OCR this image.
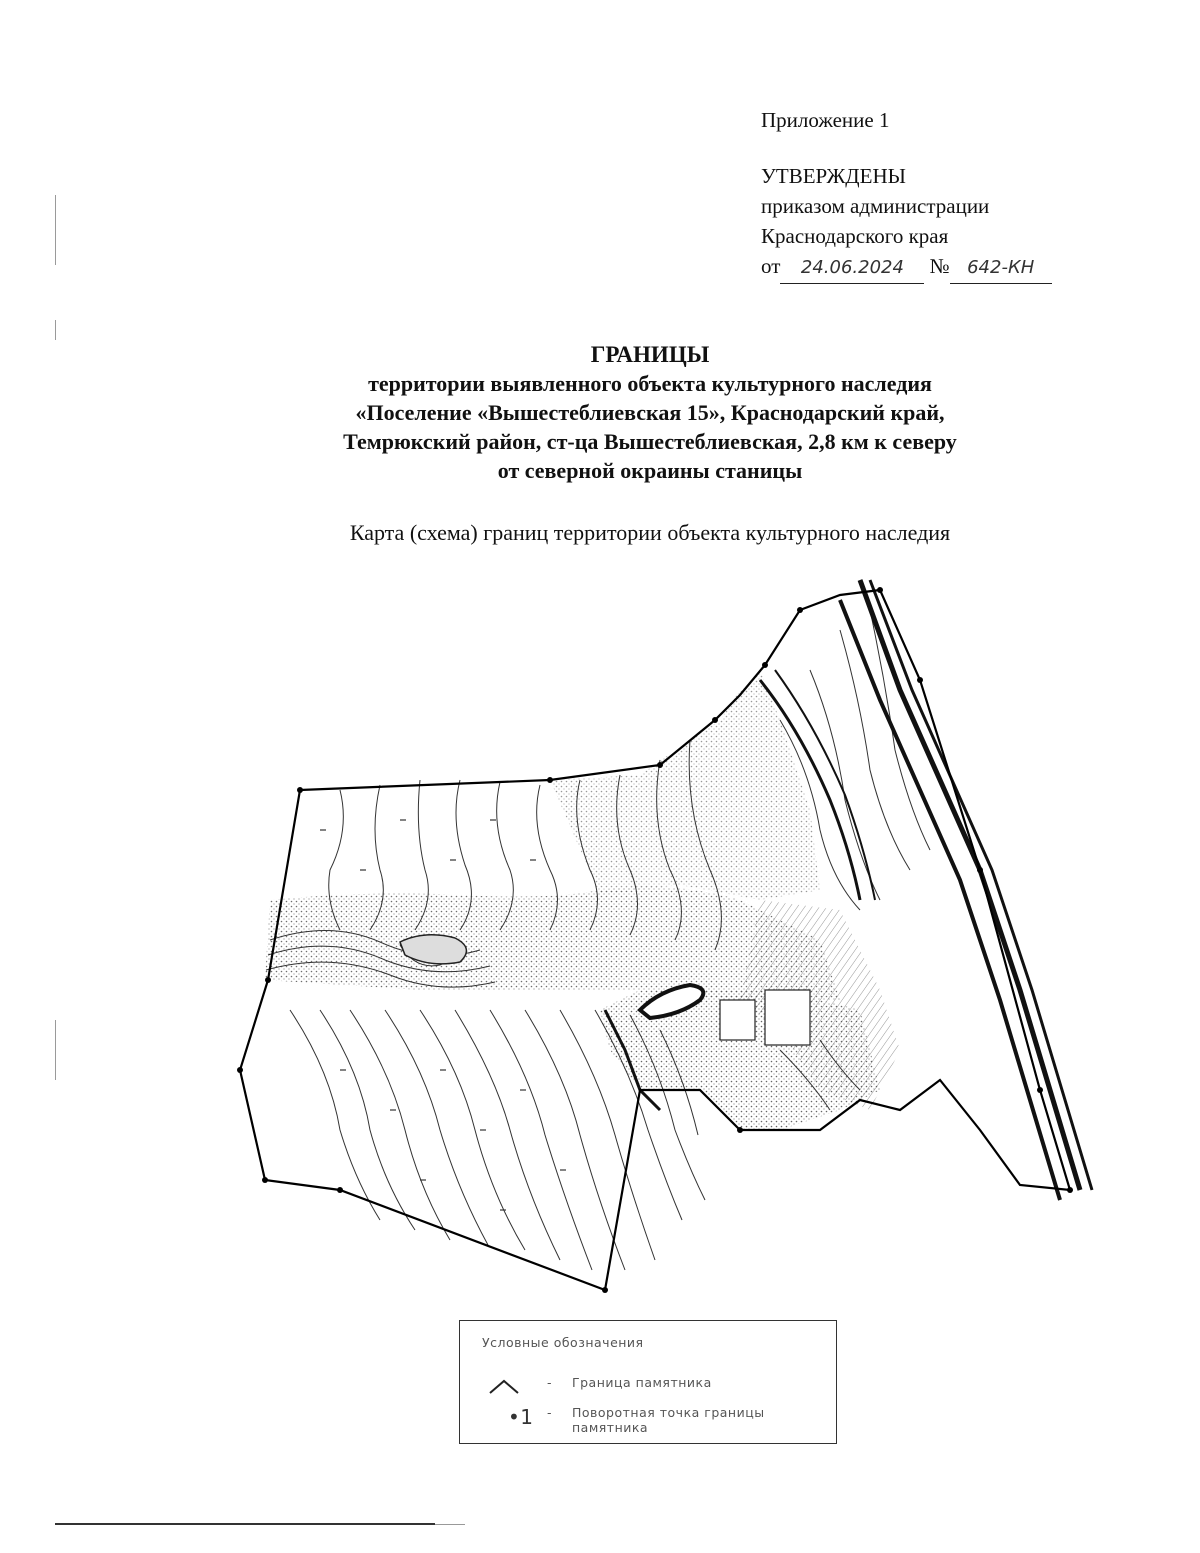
Приложение 1
УТВЕРЖДЕНЫ
приказом администрации
Краснодарского края
от 24.06.2024 № 642-КН
ГРАНИЦЫ
территории выявленного объекта культурного наследия
«Поселение «Вышестеблиевская 15», Краснодарский край,
Темрюкский район, ст-ца Вышестеблиевская, 2,8 км к северу
от северной окраины станицы
Карта (схема) границ территории объекта культурного наследия
Условные обозначения
- Граница памятника
•1	- Поворотная точка границы памятника
